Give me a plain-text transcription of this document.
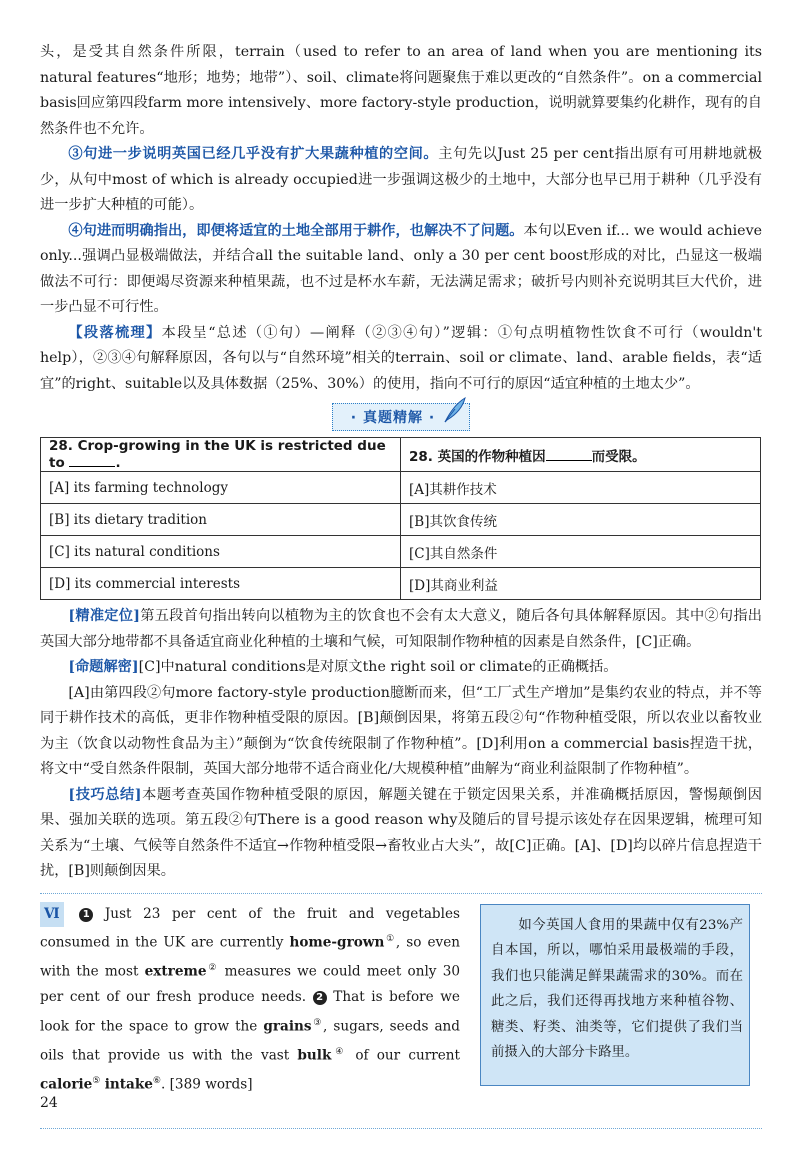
头，是受其自然条件所限，terrain（used to refer to an area of land when you are mentioning its natural features“地形；地势；地带”）、soil、climate将问题聚焦于难以更改的“自然条件”。on a commercial basis回应第四段farm more intensively、more factory-style production，说明就算要集约化耕作，现有的自然条件也不允许。

③句进一步说明英国已经几乎没有扩大果蔬种植的空间。主句先以Just 25 per cent指出原有可用耕地就极少，从句中most of which is already occupied进一步强调这极少的土地中，大部分也早已用于耕种（几乎没有进一步扩大种植的可能）。

④句进而明确指出，即便将适宜的土地全部用于耕作，也解决不了问题。本句以Even if... we would achieve only...强调凸显极端做法，并结合all the suitable land、only a 30 per cent boost形成的对比，凸显这一极端做法不可行：即便竭尽资源来种植果蔬，也不过是杯水车薪，无法满足需求；破折号内则补充说明其巨大代价，进一步凸显不可行性。

【段落梳理】本段呈“总述（①句）—阐释（②③④句）”逻辑：①句点明植物性饮食不可行（wouldn't help），②③④句解释原因，各句以与“自然环境”相关的terrain、soil or climate、land、arable fields，表“适宜”的right、suitable以及具体数据（25%、30%）的使用，指向不可行的原因“适宜种植的土地太少”。

· 真题精解 ·
28. Crop-growing in the UK is restricted due to .	28. 英国的作物种植因 而受限。
[A] its farming technology	[A]其耕作技术
[B] its dietary tradition	[B]其饮食传统
[C] its natural conditions	[C]其自然条件
[D] its commercial interests	[D]其商业利益

[精准定位]第五段首句指出转向以植物为主的饮食也不会有太大意义，随后各句具体解释原因。其中②句指出英国大部分地带都不具备适宜商业化种植的土壤和气候，可知限制作物种植的因素是自然条件，[C]正确。

[命题解密][C]中natural conditions是对原文the right soil or climate的正确概括。

[A]由第四段②句more factory-style production臆断而来，但“工厂式生产增加”是集约农业的特点，并不等同于耕作技术的高低，更非作物种植受限的原因。[B]颠倒因果，将第五段②句“作物种植受限，所以农业以畜牧业为主（饮食以动物性食品为主）”颠倒为“饮食传统限制了作物种植”。[D]利用on a commercial basis捏造干扰，将文中“受自然条件限制，英国大部分地带不适合商业化/大规模种植”曲解为“商业利益限制了作物种植”。

[技巧总结]本题考查英国作物种植受限的原因，解题关键在于锁定因果关系，并准确概括原因，警惕颠倒因果、强加关联的选项。第五段②句There is a good reason why及随后的冒号提示该处存在因果逻辑，梳理可知关系为“土壤、气候等自然条件不适宜→作物种植受限→畜牧业占大头”，故[C]正确。[A]、[D]均以碎片信息捏造干扰，[B]则颠倒因果。

Ⅵ 1 Just 23 per cent of the fruit and vegetables consumed in the UK are currently home-grown①, so even with the most extreme② measures we could meet only 30 per cent of our fresh produce needs. 2 That is before we look for the space to grow the grains③, sugars, seeds and oils that provide us with the vast bulk④ of our current calorie⑤ intake⑥. [389 words]
如今英国人食用的果蔬中仅有23%产自本国，所以，哪怕采用最极端的手段，我们也只能满足鲜果蔬需求的30%。而在此之后，我们还得再找地方来种植谷物、糖类、籽类、油类等，它们提供了我们当前摄入的大部分卡路里。
24
